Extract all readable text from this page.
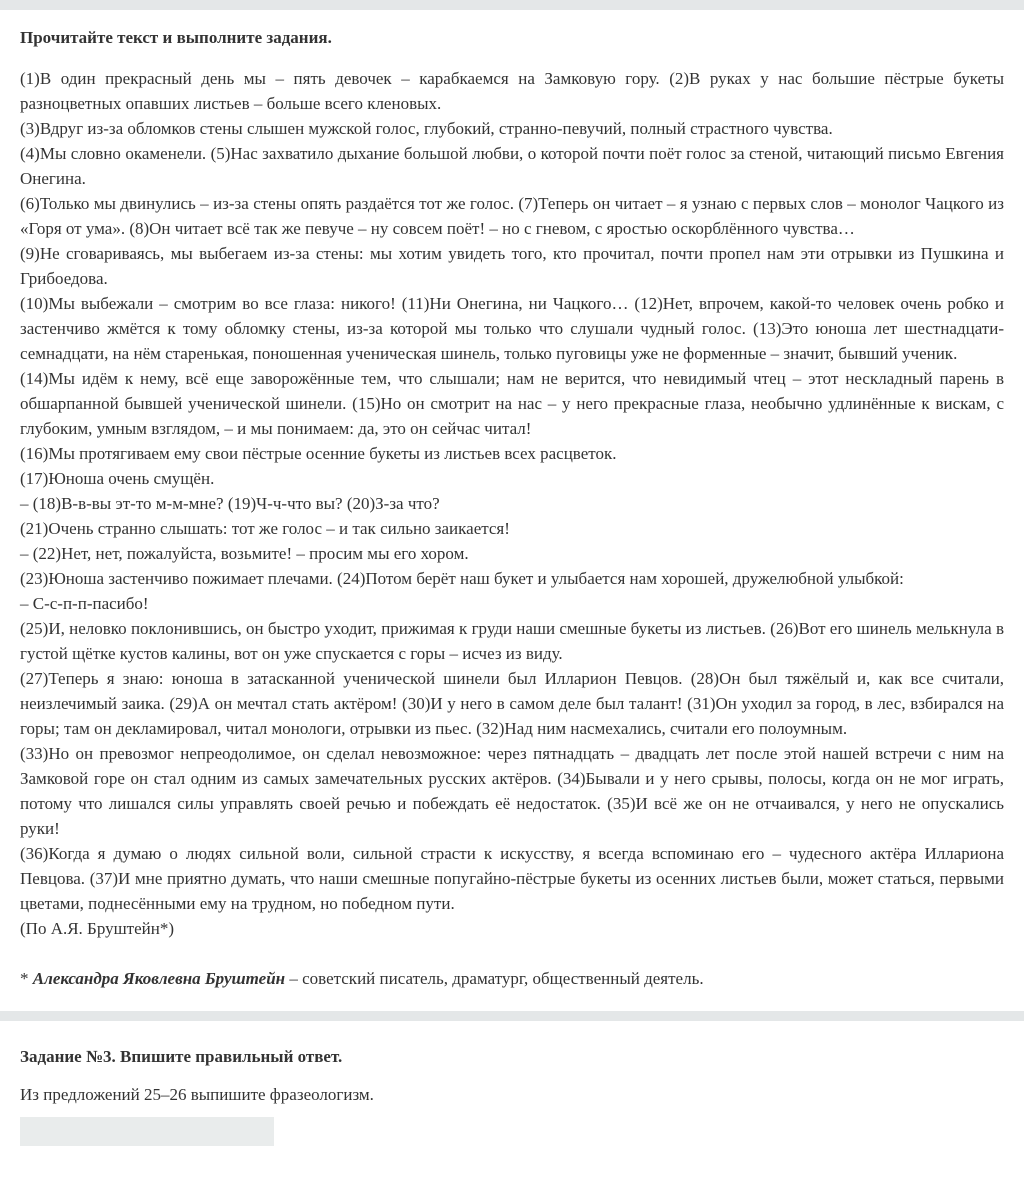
Прочитайте текст и выполните задания.

(1)В один прекрасный день мы – пять девочек – карабкаемся на Замковую гору. (2)В руках у нас большие пёстрые букеты разноцветных опавших листьев – больше всего кленовых.

(3)Вдруг из-за обломков стены слышен мужской голос, глубокий, странно-певучий, полный страстного чувства.

(4)Мы словно окаменели. (5)Нас захватило дыхание большой любви, о которой почти поёт голос за стеной, читающий письмо Евгения Онегина.

(6)Только мы двинулись – из-за стены опять раздаётся тот же голос. (7)Теперь он читает – я узнаю с первых слов – монолог Чацкого из «Горя от ума». (8)Он читает всё так же певуче – ну совсем поёт! – но с гневом, с яростью оскорблённого чувства…

(9)Не сговариваясь, мы выбегаем из-за стены: мы хотим увидеть того, кто прочитал, почти пропел нам эти отрывки из Пушкина и Грибоедова.

(10)Мы выбежали – смотрим во все глаза: никого! (11)Ни Онегина, ни Чацкого… (12)Нет, впрочем, какой-то человек очень робко и застенчиво жмётся к тому обломку стены, из-за которой мы только что слушали чудный голос. (13)Это юноша лет шестнадцати-семнадцати, на нём старенькая, поношенная ученическая шинель, только пуговицы уже не форменные – значит, бывший ученик.

(14)Мы идём к нему, всё еще заворожённые тем, что слышали; нам не верится, что невидимый чтец – этот нескладный парень в обшарпанной бывшей ученической шинели. (15)Но он смотрит на нас – у него прекрасные глаза, необычно удлинённые к вискам, с глубоким, умным взглядом, – и мы понимаем: да, это он сейчас читал!

(16)Мы протягиваем ему свои пёстрые осенние букеты из листьев всех расцветок.

(17)Юноша очень смущён.

– (18)В-в-вы эт-то м-м-мне? (19)Ч-ч-что вы? (20)З-за что?

(21)Очень странно слышать: тот же голос – и так сильно заикается!

– (22)Нет, нет, пожалуйста, возьмите! – просим мы его хором.

(23)Юноша застенчиво пожимает плечами. (24)Потом берёт наш букет и улыбается нам хорошей, дружелюбной улыбкой:

– С-с-п-п-пасибо!

(25)И, неловко поклонившись, он быстро уходит, прижимая к груди наши смешные букеты из листьев. (26)Вот его шинель мелькнула в густой щётке кустов калины, вот он уже спускается с горы – исчез из виду.

(27)Теперь я знаю: юноша в затасканной ученической шинели был Илларион Певцов. (28)Он был тяжёлый и, как все считали, неизлечимый заика. (29)А он мечтал стать актёром! (30)И у него в самом деле был талант! (31)Он уходил за город, в лес, взбирался на горы; там он декламировал, читал монологи, отрывки из пьес. (32)Над ним насмехались, считали его полоумным.

(33)Но он превозмог непреодолимое, он сделал невозможное: через пятнадцать – двадцать лет после этой нашей встречи с ним на Замковой горе он стал одним из самых замечательных русских актёров. (34)Бывали и у него срывы, полосы, когда он не мог играть, потому что лишался силы управлять своей речью и побеждать её недостаток. (35)И всё же он не отчаивался, у него не опускались руки!

(36)Когда я думаю о людях сильной воли, сильной страсти к искусству, я всегда вспоминаю его – чудесного актёра Иллариона Певцова. (37)И мне приятно думать, что наши смешные попугайно-пёстрые букеты из осенних листьев были, может статься, первыми цветами, поднесёнными ему на трудном, но победном пути.

(По А.Я. Бруштейн*)

* Александра Яковлевна Бруштейн – советский писатель, драматург, общественный деятель.

Задание №3. Впишите правильный ответ.

Из предложений 25–26 выпишите фразеологизм.
